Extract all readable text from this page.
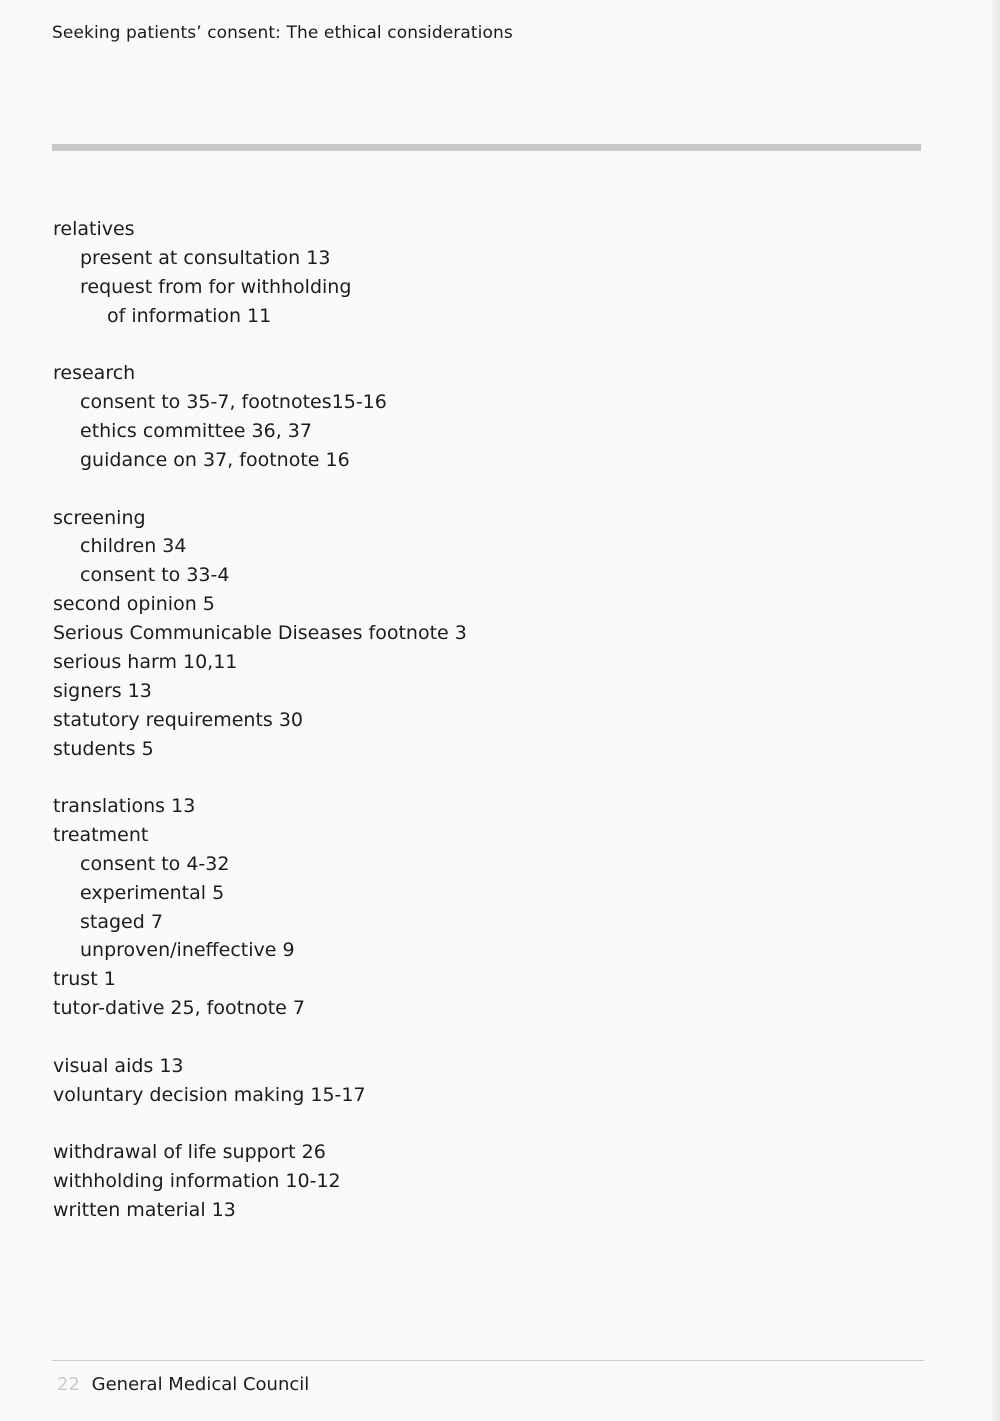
Seeking patients’ consent: The ethical considerations
relatives
present at consultation 13
request from for withholding
of information 11
research
consent to 35-7, footnotes15-16
ethics committee 36, 37
guidance on 37, footnote 16
screening
children 34
consent to 33-4
second opinion 5
Serious Communicable Diseases footnote 3
serious harm 10,11
signers 13
statutory requirements 30
students 5
translations 13
treatment
consent to 4-32
experimental 5
staged 7
unproven/ineffective 9
trust 1
tutor-dative 25, footnote 7
visual aids 13
voluntary decision making 15-17
withdrawal of life support 26
withholding information 10-12
written material 13
22 General Medical Council
